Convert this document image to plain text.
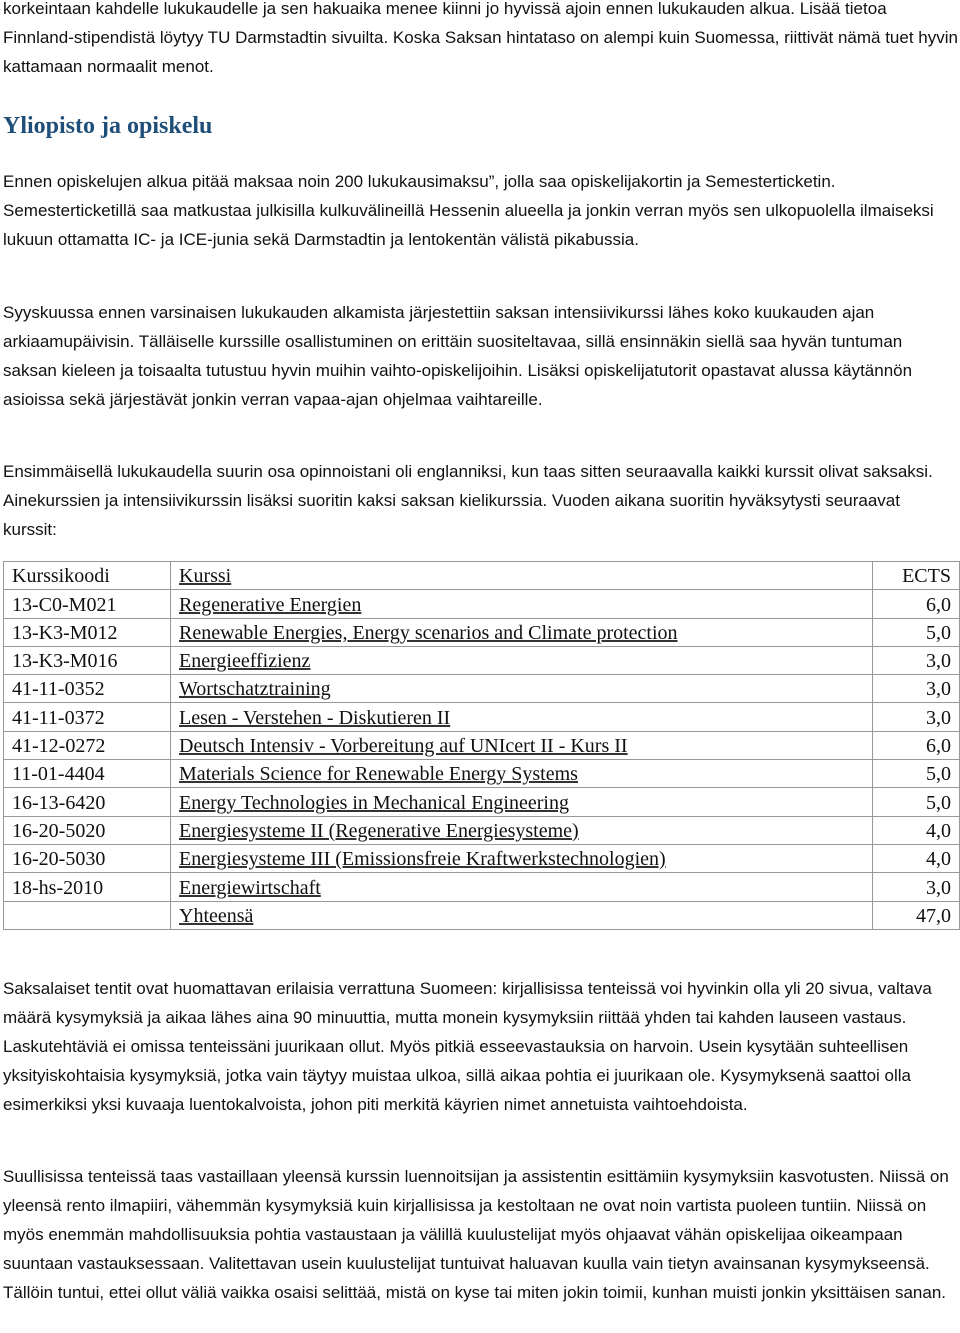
korkeintaan kahdelle lukukaudelle ja sen hakuaika menee kiinni jo hyvissä ajoin ennen lukukauden alkua. Lisää tietoa Finnland-stipendistä löytyy TU Darmstadtin sivuilta. Koska Saksan hintataso on alempi kuin Suomessa, riittivät nämä tuet hyvin kattamaan normaalit menot.

Yliopisto ja opiskelu

Ennen opiskelujen alkua pitää maksaa noin 200 lukukausimaksu”, jolla saa opiskelijakortin ja Semesterticketin. Semesterticketillä saa matkustaa julkisilla kulkuvälineillä Hessenin alueella ja jonkin verran myös sen ulkopuolella ilmaiseksi lukuun ottamatta IC- ja ICE-junia sekä Darmstadtin ja lentokentän välistä pikabussia.

Syyskuussa ennen varsinaisen lukukauden alkamista järjestettiin saksan intensiivikurssi lähes koko kuukauden ajan arkiaamupäivisin. Tälläiselle kurssille osallistuminen on erittäin suositeltavaa, sillä ensinnäkin siellä saa hyvän tuntuman saksan kieleen ja toisaalta tutustuu hyvin muihin vaihto-opiskelijoihin. Lisäksi opiskelijatutorit opastavat alussa käytännön asioissa sekä järjestävät jonkin verran vapaa-ajan ohjelmaa vaihtareille.

Ensimmäisellä lukukaudella suurin osa opinnoistani oli englanniksi, kun taas sitten seuraavalla kaikki kurssit olivat saksaksi. Ainekurssien ja intensiivikurssin lisäksi suoritin kaksi saksan kielikurssia. Vuoden aikana suoritin hyväksytysti seuraavat kurssit:

Kurssikoodi	Kurssi	ECTS
13-C0-M021	Regenerative Energien	6,0
13-K3-M012	Renewable Energies, Energy scenarios and Climate protection	5,0
13-K3-M016	Energieeffizienz	3,0
41-11-0352	Wortschatztraining	3,0
41-11-0372	Lesen - Verstehen - Diskutieren II	3,0
41-12-0272	Deutsch Intensiv - Vorbereitung auf UNIcert II - Kurs II	6,0
11-01-4404	Materials Science for Renewable Energy Systems	5,0
16-13-6420	Energy Technologies in Mechanical Engineering	5,0
16-20-5020	Energiesysteme II (Regenerative Energiesysteme)	4,0
16-20-5030	Energiesysteme III (Emissionsfreie Kraftwerkstechnologien)	4,0
18-hs-2010	Energiewirtschaft	3,0
	Yhteensä	47,0

Saksalaiset tentit ovat huomattavan erilaisia verrattuna Suomeen: kirjallisissa tenteissä voi hyvinkin olla yli 20 sivua, valtava määrä kysymyksiä ja aikaa lähes aina 90 minuuttia, mutta monein kysymyksiin riittää yhden tai kahden lauseen vastaus. Laskutehtäviä ei omissa tenteissäni juurikaan ollut. Myös pitkiä esseevastauksia on harvoin. Usein kysytään suhteellisen yksityiskohtaisia kysymyksiä, jotka vain täytyy muistaa ulkoa, sillä aikaa pohtia ei juurikaan ole. Kysymyksenä saattoi olla esimerkiksi yksi kuvaaja luentokalvoista, johon piti merkitä käyrien nimet annetuista vaihtoehdoista.

Suullisissa tenteissä taas vastaillaan yleensä kurssin luennoitsijan ja assistentin esittämiin kysymyksiin kasvotusten. Niissä on yleensä rento ilmapiiri, vähemmän kysymyksiä kuin kirjallisissa ja kestoltaan ne ovat noin vartista puoleen tuntiin. Niissä on myös enemmän mahdollisuuksia pohtia vastaustaan ja välillä kuulustelijat myös ohjaavat vähän opiskelijaa oikeampaan suuntaan vastauksessaan. Valitettavan usein kuulustelijat tuntuivat haluavan kuulla vain tietyn avainsanan kysymykseensä. Tällöin tuntui, ettei ollut väliä vaikka osaisi selittää, mistä on kyse tai miten jokin toimii, kunhan muisti jonkin yksittäisen sanan.
